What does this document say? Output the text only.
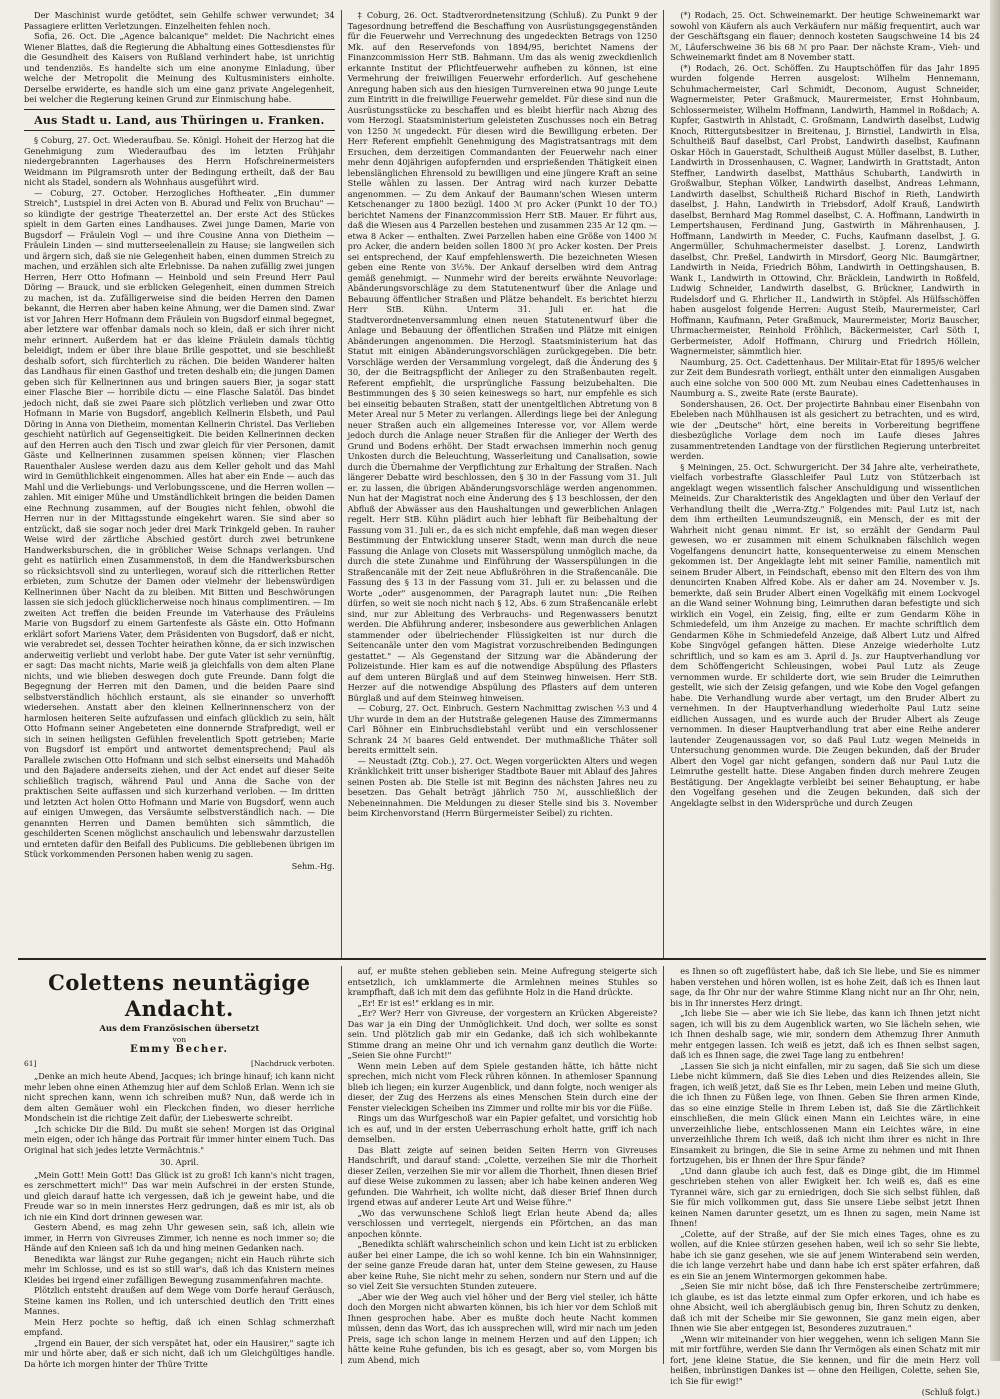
Der Maschinist wurde getödtet, sein Gehilfe schwer verwundet; 34 Passagiere erlitten Verletzungen. Einzelheiten fehlen noch.

Sofia, 26. Oct. Die „Agence balcanique" meldet: Die Nachricht eines Wiener Blattes, daß die Regierung die Abhaltung eines Gottesdienstes für die Gesundheit des Kaisers von Rußland verhindert habe, ist unrichtig und tendenziös. Es handelte sich um eine anonyme Einladung, über welche der Metropolit die Meinung des Kultusministers einholte. Derselbe erwiderte, es handle sich um eine ganz private Angelegenheit, bei welcher die Regierung keinen Grund zur Einmischung habe.

Aus Stadt u. Land, aus Thüringen u. Franken.

§ Coburg, 27. Oct. Wiederaufbau. Se. Königl. Hoheit der Herzog hat die Genehmigung zum Wiederaufbau des im letzten Frühjahr niedergebrannten Lagerhauses des Herrn Hofschreinermeisters Weidmann im Pilgramsroth unter der Bedingung ertheilt, daß der Bau nicht als Stadel, sondern als Wohnhaus ausgeführt wird.

— Coburg, 27. October. Herzogliches Hoftheater. „Ein dummer Streich", Lustspiel in drei Acten von B. Aburad und Felix von Bruchau" — so kündigte der gestrige Theaterzettel an. Der erste Act des Stückes spielt in dem Garten eines Landhauses. Zwei junge Damen, Marie von Bugsdorf — Fräulein Vogl — und ihre Cousine Anna von Dietheim — Fräulein Linden — sind mutterseelenallein zu Hause; sie langweilen sich und ärgern sich, daß sie nie Gelegenheit haben, einen dummen Streich zu machen, und erzählen sich alte Erlebnisse. Da nahen zufällig zwei jungen Herren, Herr Otto Hofmann — Heinbold und sein Freund Herr Paul Döring — Brauck, und sie erblicken Gelegenheit, einen dummen Streich zu machen, ist da. Zufälligerweise sind die beiden Herren den Damen bekannt, die Herren aber haben keine Ahnung, wer die Damen sind. Zwar ist vor Jahren Herr Hofmann dem Fräulein von Bugsdorf einmal begegnet, aber letztere war offenbar damals noch so klein, daß er sich ihrer nicht mehr erinnert. Außerdem hat er das kleine Fräulein damals tüchtig beleidigt, indem er über ihre blaue Brille gespottet, und sie beschließt deshalb sofort, sich fürchterlich zu rächen. Die beiden Wanderer halten das Landhaus für einen Gasthof und treten deshalb ein; die jungen Damen geben sich für Kellnerinnen aus und bringen sauers Bier, ja sogar statt einer Flasche Bier — horribile dictu — eine Flasche Salatöl. Das bindet jedoch nicht, daß sie zwei Paare sich plötzlich verlieben und zwar Otto Hofmann in Marie von Bugsdorf, angeblich Kellnerin Elsbeth, und Paul Döring in Anna von Dietheim, momentan Kellnerin Christel. Das Verlieben geschieht natürlich auf Gegenseitigkeit. Die beiden Kellnerinnen decken auf den Herren auch den Tisch und zwar gleich für vier Personen, damit Gäste und Kellnerinnen zusammen speisen können; vier Flaschen Rauenthaler Auslese werden dazu aus dem Keller geholt und das Mahl wird in Gemüthlichkeit eingenommen. Alles hat aber ein Ende — auch das Mahl und die Verliebungs- und Verlobungsscene, und die Herren wollen — zahlen. Mit einiger Mühe und Umständlichkeit bringen die beiden Damen eine Rechnung zusammen, auf der Bougies nicht fehlen, obwohl die Herren nur in der Mittagsstunde eingekehrt waren. Sie sind aber so entzückt, daß sie sogar noch jeder drei Mark Trinkgeld geben. In rauher Weise wird der zärtliche Abschied gestört durch zwei betrunkene Handwerksburschen, die in gröblicher Weise Schnaps verlangen. Und geht es natürlich einen Zusammenstoß, in dem die Handwerksburschen so rücksichtsvoll sind zu unterliegen, worauf sich die ritterlichen Retter erbieten, zum Schutze der Damen oder vielmehr der liebenswürdigen Kellnerinnen über Nacht da zu bleiben. Mit Bitten und Beschwörungen lassen sie sich jedoch glücklicherweise noch hinaus complimentiren. — Im zweiten Act treffen die beiden Freunde im Vaterhause des Fräuleins Marie von Bugsdorf zu einem Gartenfeste als Gäste ein. Otto Hofmann erklärt sofort Mariens Vater, dem Präsidenten von Bugsdorf, daß er nicht, wie verabredet sei, dessen Tochter heirathen könne, da er sich inzwischen anderweitig verliebt und verlobt habe. Der gute Vater ist sehr vernünftig, er sagt: Das macht nichts, Marie weiß ja gleichfalls von dem alten Plane nichts, und wie blieben deswegen doch gute Freunde. Dann folgt die Begegnung der Herren mit den Damen, und die beiden Paare sind selbstverständlich höchlich erstaunt, als sie einander so unverhofft wiedersehen. Anstatt aber den kleinen Kellnerinnenscherz von der harmlosen heiteren Seite aufzufassen und einfach glücklich zu sein, hält Otto Hofmann seiner Angebeteten eine donnernde Strafpredigt, weil er sich in seinen heiligsten Gefühlen frevelentlich Spott getrieben; Marie von Bugsdorf ist empört und antwortet dementsprechend; Paul als Parallele zwischen Otto Hofmann und sich selbst einerseits und Mahadöh und den Bajadere anderseits ziehen, und der Act endet auf dieser Seite schließlich tragisch, während Paul und Anna die Sache von der praktischen Seite auffassen und sich kurzerhand verloben. — Im dritten und letzten Act holen Otto Hofmann und Marie von Bugsdorf, wenn auch auf einigen Umwegen, das Versäumte selbstverständlich nach. — Die genannten Herren und Damen bemühten sich sämmtlich, die geschilderten Scenen möglichst anschaulich und lebenswahr darzustellen und ernteten dafür den Beifall des Publicums. Die gebliebenen übrigen im Stück vorkommenden Personen haben wenig zu sagen.

Sehm.-Hg.

‡ Coburg, 26. Oct. Stadtverordnetensitzung (Schluß). Zu Punkt 9 der Tagesordnung betreffend die Beschaffung von Ausrüstungsgegenständen für die Feuerwehr und Verrechnung des ungedeckten Betrags von 1250 Mk. auf den Reservefonds von 1894/95, berichtet Namens der Finanzcommission Herr StB. Bahmann. Um das als wenig zweckdienlich erkannte Institut der Pflichtfeuerwehr aufheben zu können, ist eine Vermehrung der freiwilligen Feuerwehr erforderlich. Auf geschehene Anregung haben sich aus den hiesigen Turnvereinen etwa 90 junge Leute zum Eintritt in die freiwillige Feuerwehr gemeldet. Für diese sind nun die Ausrüstungsstücke zu beschaffen und es bleibt hierfür nach Abzug des vom Herzogl. Staatsministerium geleisteten Zuschusses noch ein Betrag von 1250 ℳ ungedeckt. Für diesen wird die Bewilligung erbeten. Der Herr Referent empfiehlt Genehmigung des Magistratsantrags mit dem Ersuchen, dem derzeitigen Commandanten der Feuerwehr nach einer mehr denn 40jährigen aufopfernden und ersprießenden Thätigkeit einen lebenslänglichen Ehrensold zu bewilligen und eine jüngere Kraft an seine Stelle wählen zu lassen. Der Antrag wird nach kurzer Debatte angenommen. — Zu dem Ankauf der Baumann'schen Wiesen unterm Ketschenanger zu 1800 bezügl. 1400 ℳ pro Acker (Punkt 10 der TO.) berichtet Namens der Finanzcommission Herr StB. Mauer. Er führt aus, daß die Wiesen aus 4 Parzellen bestehen und zusammen 235 Ar 12 qm. — etwa 8 Acker — enthalten. Zwei Parzellen haben eine Größe von 1400 ℳ pro Acker, die andern beiden sollen 1800 ℳ pro Acker kosten. Der Preis sei entsprechend, der Kauf empfehlenswerth. Die bezeichneten Wiesen geben eine Rente von 3⅓%. Der Ankauf derselben wird dem Antrag gemäß genehmigt. — Nunmehr wird der bereits erwähnte Neuvorlage: Abänderungsvorschläge zu dem Statutenentwurf über die Anlage und Bebauung öffentlicher Straßen und Plätze behandelt. Es berichtet hierzu Herr StB. Kühn. Unterm 31. Juli er. hat die Stadtverordnetenversammlung einen neuen Statutenentwurf über die Anlage und Bebauung der öffentlichen Straßen und Plätze mit einigen Abänderungen angenommen. Die Herzogl. Staatsministerium hat das Statut mit einigen Abänderungsvorschlägen zurückgegeben. Die betr. Vorschläge werden der Versammlung vorgelegt, daß die Änderung des § 30, der die Beitragspflicht der Anlieger zu den Straßenbauten regelt. Referent empfiehlt, die ursprüngliche Fassung beizubehalten. Die Bestimmungen des § 30 seien keineswegs so hart, nur empfehle es sich bei einseitig bebauten Straßen, statt der unentgeltlichen Abtretung von 8 Meter Areal nur 5 Meter zu verlangen. Allerdings liege bei der Anlegung neuer Straßen auch ein allgemeines Interesse vor, vor Allem werde jedoch durch die Anlage neuer Straßen für die Anlieger der Werth des Grund und Bodens erhöht. Der Stadt erwachsen immerhin noch genug Unkosten durch die Beleuchtung, Wasserleitung und Canalisation, sowie durch die Übernahme der Verpflichtung zur Erhaltung der Straßen. Nach längerer Debatte wird beschlossen, den § 30 in der Fassung vom 31. Juli er. zu lassen, die übrigen Abänderungsvorschläge werden angenommen. Nun hat der Magistrat noch eine Änderung des § 13 beschlossen, der den Abfluß der Abwässer aus den Haushaltungen und gewerblichen Anlagen regelt. Herr StB. Kühn plädirt auch hier lebhaft für Beibehaltung der Fassung vom 31. Juli er., da es sich nicht empfehle, daß man wegen dieser Bestimmung der Entwicklung unserer Stadt, wenn man durch die neue Fassung die Anlage von Closets mit Wasserspülung unmöglich mache, da durch die stete Zunahme und Einführung der Wasserspülungen in die Straßencanäle mit der Zeit neue Abflußröhren in die Straßencanäle. Die Fassung des § 13 in der Fassung vom 31. Juli er. zu belassen und die Worte „oder" ausgenommen, der Paragraph lautet nun: „Die Reihen dürfen, so weit sie noch nicht nach § 12, Abs. 6 zum Straßencanäle erlebt sind, nur zur Ableitung des Verbrauchs- und Regenwassers benutzt werden. Die Abführung anderer, insbesondere aus gewerblichen Anlagen stammender oder übelriechender Flüssigkeiten ist nur durch die Seitencanäle unter den vom Magistrat vorzuschreibenden Bedingungen gestattet." — Als Gegenstand der Sitzung war die Abänderung der Polizeistunde. Hier kam es auf die notwendige Abspülung des Pflasters auf dem unteren Bürglaß und auf dem Steinweg hinweisen. Herr StB. Herzer auf die notwendige Abspülung des Pflasters auf dem unteren Bürglaß und auf dem Steinweg hinweisen.

— Coburg, 27. Oct. Einbruch. Gestern Nachmittag zwischen ½3 und 4 Uhr wurde in dem an der Hutstraße gelegenen Hause des Zimmermanns Carl Böhner ein Einbruchsdiebstahl verübt und ein verschlossener Schrank 24 ℳ baares Geld entwendet. Der muthmaßliche Thäter soll bereits ermittelt sein.

— Neustadt (Ztg. Cob.), 27. Oct. Wegen vorgerückten Alters und wegen Kränklichkeit tritt unser bisheriger Stadtbote Bauer mit Ablauf des Jahres seinen Posten ab. Die Stelle ist mit Beginn des nächsten Jahres neu zu besetzen. Das Gehalt beträgt jährlich 750 ℳ, ausschließlich der Nebeneinnahmen. Die Meldungen zu dieser Stelle sind bis 3. November beim Kirchenvorstand (Herrn Bürgermeister Seibel) zu richten.

(*) Rodach, 25. Oct. Schweinemarkt. Der heutige Schweinemarkt war sowohl von Käufern als auch Verkäufern nur mäßig frequentirt, auch war der Geschäftsgang ein flauer; dennoch kosteten Saugschweine 14 bis 24 ℳ, Läuferschweine 36 bis 68 ℳ pro Paar. Der nächste Kram-, Vieh- und Schweinemarkt findet am 8 November statt.

(*) Rodach, 26. Oct. Schöffen. Zu Hauptschöffen für das Jahr 1895 wurden folgende Herren ausgelost: Wilhelm Hennemann, Schuhmachermeister, Carl Schmidt, Deconom, August Schneider, Wagnermeister, Peter Graßmuck, Maurermeister, Ernst Hohnbaum, Schlossermeister, Wilhelm Hoffmann, Landwirth, Hammel in Roßdach; A. Kupfer, Gastwirth in Ahlstadt, C. Großmann, Landwirth daselbst, Ludwig Knoch, Rittergutsbesitzer in Breitenau, J. Birnstiel, Landwirth in Elsa, Schultheiß Bauf daselbst, Carl Probst, Landwirth daselbst, Kaufmann Oskar Höch in Gauerstadt, Schultheiß August Müller daselbst, B. Luther, Landwirth in Drossenhausen, C. Wagner, Landwirth in Grattstadt, Anton Steffner, Landwirth daselbst, Matthäus Schubarth, Landwirth in Großwalbur, Stephan Völker, Landwirth daselbst, Andreas Lehmann, Landwirth daselbst, Schultheiß Richard Bischof in Rieth, Landwirth daselbst, J. Hahn, Landwirth in Triebsdorf, Adolf Krauß, Landwirth daselbst, Bernhard Mag Rommel daselbst, C. A. Hoffmann, Landwirth in Lempertshausen, Ferdinand Jung, Gastwirth in Mährenhausen, J. Hoffmann, Landwirth in Meeder, C. Fuchs, Kaufmann daselbst, J. G. Angermüller, Schuhmachermeister daselbst. J. Lorenz, Landwirth daselbst, Chr. Preßel, Landwirth in Mirsdorf, Georg Nic. Baumgärtner, Landwirth in Neida, Friedrich Böhm, Landwirth in Oettingshausen, B. Wank I., Landwirth in Ottowind, Chr. Bräcklein, Landwirth in Roßfeld, Ludwig Schneider, Landwirth daselbst, G. Brückner, Landwirth in Rudelsdorf und G. Ehrlicher II., Landwirth in Stöpfel. Als Hülfsschöffen haben ausgelost folgende Herren: August Steib, Maurermeister, Carl Hoffmann, Kaufmann, Peter Graßmuck, Maurermeister, Moriz Bauscher, Uhrmachermeister, Reinhold Fröhlich, Bäckermeister, Carl Söth I, Gerbermeister, Adolf Hoffmann, Chirurg und Friedrich Höllein, Wagnermeister, sämmtlich hier.

Naumburg, 25. Oct. Cadettenhaus. Der Militair-Etat für 1895/6 welcher zur Zeit dem Bundesrath vorliegt, enthält unter den einmaligen Ausgaben auch eine solche von 500 000 Mt. zum Neubau eines Cadettenhauses in Naumburg a. S., zweite Rate (erste Baurate).

Sondershausen, 26. Oct. Der projectirte Bahnbau einer Eisenbahn von Ebeleben nach Mühlhausen ist als gesichert zu betrachten, und es wird, wie der „Deutsche" hört, eine bereits in Vorbereitung begriffene diesbezügliche Vorlage dem noch im Laufe dieses Jahres zusammentretenden Landtage von der fürstlichen Regierung unterbreitet werden.

§ Meiningen, 25. Oct. Schwurgericht. Der 34 Jahre alte, verheirathete, vielfach vorbestrafte Glasschleifer Paul Lutz von Stützerbach ist angeklagt wegen wissentlich falscher Anschuldigung und wissentlichen Meineids. Zur Charakteristik des Angeklagten und über den Verlauf der Verhandlung theilt die „Werra-Ztg." Folgendes mit: Paul Lutz ist, nach dem ihm ertheilten Leumundszeugniß, ein Mensch, der es mit der Wahrheit nicht genau nimmt. Er ist, so erzählt der Gendarm Paul gewesen, wo er zusammen mit einem Schulknaben fälschlich wegen Vogelfangens denuncirt hatte, konsequenterweise zu einem Menschen gekommen ist. Der Angeklagte lebt mit seiner Familie, namentlich mit seinem Bruder Albert, in Feindschaft, ebenso mit den Eltern des von ihm denuncirten Knaben Alfred Kobe. Als er daher am 24. November v. Js. bemerkte, daß sein Bruder Albert einen Vogelkäfig mit einem Lockvogel an die Wand seiner Wohnung bing, Leimruthen daran befestigte und sich wirklich ein Vogel, ein Zeisig, fing, eilte er zum Gendarm Köhe in Schmiedefeld, um ihm Anzeige zu machen. Er machte schriftlich dem Gendarmen Köhe in Schmiedefeld Anzeige, daß Albert Lutz und Alfred Kobe Singvögel gefangen hätten. Diese Anzeige wiederholte Lutz schriftlich, und so kam es am 3. April d. Js. zur Hauptverhandlung vor dem Schöffengericht Schleusingen, wobei Paul Lutz als Zeuge vernommen wurde. Er schilderte dort, wie sein Bruder die Leimruthen gestellt, wie sich der Zeisig gefangen, und wie Kobe den Vogel gefangen habe. Die Verhandlung wurde aber vertagt, um den Bruder Albert zu vernehmen. In der Hauptverhandlung wiederholte Paul Lutz seine eidlichen Aussagen, und es wurde auch der Bruder Albert als Zeuge vernommen. In dieser Hauptverhandlung trat aber eine Reihe anderer lautender Zeugenaussagen vor, so daß Paul Lutz wegen Meineids in Untersuchung genommen wurde. Die Zeugen bekunden, daß der Bruder Albert den Vogel gar nicht gefangen, sondern daß nur Paul Lutz die Leimruthe gestellt hatte. Diese Angaben finden durch mehrere Zeugen Bestätigung. Der Angeklagte verbleibt bei seiner Behauptung, er habe den Vogelfang gesehen und die Zeugen bekunden, daß sich der Angeklagte selbst in den Widersprüche und durch Zeugen

Colettens neuntägige Andacht.
Aus dem Französischen übersetzt
von
Emmy Becher.
61]	[Nachdruck verboten.

„Denke an mich heute Abend, Jacques; ich bringe hinauf; ich kann nicht mehr leben ohne einen Athemzug hier auf dem Schloß Erlan. Wenn ich sie nicht sprechen kann, wenn ich schreiben muß? Nun, daß werde ich in dem alten Gemäuer wohl ein Fleckchen finden, wo dieser herrliche Mondschein ist die richtige Zeit dafür, der Liebeswerte schreibt.

„Ich schicke Dir die Bild. Du mußt sie sehen! Morgen ist das Original mein eigen, oder ich hänge das Portrait für immer hinter einem Tuch. Das Original hat sich jedes letzte Vermächtnis."

30. April.

„Mein Gott! Mein Gott! Das Glück ist zu groß! Ich kann's nicht tragen, es zerschmettert mich!" Das war mein Aufschrei in der ersten Stunde, und gleich darauf hatte ich vergessen, daß ich je geweint habe, und die Freude war so in mein innerstes Herz gedrungen, daß es mir ist, als ob ich nie ein Kind dort drinnen gewesen war.

Gestern Abend, es mag zehn Uhr gewesen sein, saß ich, allein wie immer, in Herrn von Givreuses Zimmer, ich nenne es noch immer so; die Hände auf den Knieen saß ich da und hing meinen Gedanken nach.

Benedikta war längst zur Ruhe gegangen; nicht ein Hauch rührte sich mehr im Schlosse, und es ist so still war's, daß ich das Knistern meines Kleides bei irgend einer zufälligen Bewegung zusammenfahren machte.

Plötzlich entsteht draußen auf dem Wege vom Dorfe herauf Geräusch, Steine kamen ins Rollen, und ich unterschied deutlich den Tritt eines Mannes.

Mein Herz pochte so heftig, daß ich einen Schlag schmerzhaft empfand.

„Irgend ein Bauer, der sich verspätet hat, oder ein Hausirer," sagte ich mir und hörte aber, daß er sich nicht, daß ich um Gleichgültiges handle. Da hörte ich morgen hinter der Thüre Tritte

auf, er mußte stehen geblieben sein. Meine Aufregung steigerte sich entsetzlich, ich umklammerte die Armlehnen meines Stuhles so krampfhaft, daß ich mit dem das gefühnte Holz in die Hand drückte.

„Er! Er ist es!" erklang es in mir.

„Er? Wer? Herr von Givreuse, der vorgestern an Krücken Abgereiste? Das war ja ein Ding der Unmöglichkeit. Und doch, wer sollte es sonst sein. Und plötzlich gab mir ein Gedanke, daß ich sich wohlbekannte Stimme drang an meine Ohr und ich vernahm ganz deutlich die Worte: „Seien Sie ohne Furcht!"

Wenn mein Leben auf dem Spiele gestanden hätte, ich hätte nicht sprechen, mich nicht vom Fleck rühren können. In athemloser Spannung blieb ich liegen; ein kurzer Augenblick, und dann folgte, noch weniger als dieser, der Zug des Herzens als eines Menschen Stein durch eine der Fenster vieleckigen Scheiben ins Zimmer und rollte mir bis vor die Füße.

Rings um das Wurfgeschoß war ein Papier gefaltet, und vorsichtig hob ich es auf, und in der ersten Ueberraschung erholt hatte, griff ich nach demselben.

Das Blatt zeigte auf seinen beiden Seiten Herrn von Givreuses Handschrift, und darauf stand: „Colette, verzeihen Sie mir die Thorheit dieser Zeilen, verzeihen Sie mir vor allem die Thorheit, Ihnen diesen Brief auf diese Weise zukommen zu lassen; aber ich habe keinen anderen Weg gefunden. Die Wahrheit, ich wollte nicht, daß dieser Brief Ihnen durch irgend etwas auf anderer Leute Art und Weise führe."

„Wo das verwunschene Schloß liegt Erlan heute Abend da; alles verschlossen und verriegelt, niergends ein Pförtchen, an das man anpochen könnte.

„Benedikta schläft wahrscheinlich schon und kein Licht ist zu erblicken außer bei einer Lampe, die ich so wohl kenne. Ich bin ein Wahnsinniger, der seine ganze Freude daran hat, unter dem Steine gewesen, zu Hause aber keine Ruhe, Sie nicht mehr zu sehen, sondern nur Stern und auf die so viel Zeit Sie versuchten Stunden zuteuere.

„Aber wie der Weg auch viel höher und der Berg viel steiler, ich hätte doch den Morgen nicht abwarten können, bis ich hier vor dem Schloß mit Ihnen gesprochen habe. Aber es mußte doch heute Nacht kommen müssen, denn das Wort, das ich aussprechen will, wird mir nach um jeden Preis, sage ich schon lange in meinem Herzen und auf den Lippen; ich hätte keine Ruhe gefunden, bis ich es gesagt, aber so, vom Morgen bis zum Abend, mich

es Ihnen so oft zugeflüstert habe, daß ich Sie liebe, und Sie es nimmer haben verstehen und hören wollen, ist es hohe Zeit, daß ich es Ihnen laut sage, da Ihr Ohr nur der wahre Stimme Klang nicht nur an Ihr Ohr, nein, bis in Ihr innerstes Herz dringt.

„Ich liebe Sie — aber wie ich Sie liebe, das kann ich Ihnen jetzt nicht sagen, ich will bis zu dem Augenblick warten, wo Sie lächeln sehen, wie ich Ihnen deshalb sage, wie mir, sondern dem Athemzug Ihrer Anmuth mehr entgegen lassen. Ich weiß es jetzt, daß ich es Ihnen selbst sagen, daß ich es Ihnen sage, die zwei Tage lang zu entbehren!

„Lassen Sie sich ja nicht einfallen, mir zu sagen, daß Sie sich um diese Liebe nicht kümmern, daß Sie dies Leben und dies Reizendes allein, Sie fragen, ich weiß jetzt, daß Sie es Ihr Leben, mein Leben und meine Gluth, die ich Ihnen zu Füßen lege, von Ihnen. Geben Sie Ihren armen Kinde, das so eine einzige Stelle in Ihrem Leben ist, daß Sie die Zärtlichkeit einschließen, die mein Glück einen Mann ein Leichtes wäre, in eine unverzeihliche liebe, entschlossenen Mann ein Leichtes wäre, in eine unverzeihliche Ihrem Ich weiß, daß ich nicht ihm ihrer es nicht in Ihre Einsamkeit zu bringen, die Sie in seine Arme zu nehmen und mit Ihnen fortzugehen, bis er Ihnen der Ihre Spur fände?

„Und dann glaube ich auch fest, daß es Dinge gibt, die im Himmel geschrieben stehen von aller Ewigkeit her. Ich weiß es, daß es eine Tyrannei wäre, sich gar zu erniedrigen, doch Sie sich selbst fühlen, daß Sie für mich vollkommen gut, dass Sie unsere Liebe selbst jetzt Ihnen keinen Namen darunter gesetzt, um es Ihnen zu sagen, mein Name ist Ihnen!

„Colette, auf der Straße, auf der Sie mich eines Tages, ohne es zu wollen, auf die Kniee stürzen gesehen haben, weil ich so sehr Sie liebte, habe ich sie ganz gesehen, wie sie auf jenem Winterabend sein werden, die ich lange verzehrt habe und dann habe ich erst später erfahren, daß es ein Sie an jenem Wintermorgen gekommen habe.

„Seien Sie mir nicht böse, daß ich Ihre Fensterscheibe zertrümmere; ich glaube, es ist das letzte einmal zum Opfer erkoren, und ich habe es ohne Absicht, weil ich abergläubisch genug bin, Ihren Schutz zu denken, daß ich mit der Scheibe mir Sie gewonnen, Sie ganz mein eigen, aber Ihnen wie Sie aber entgegen ist, Besonderes zuzutrauen."

„Wenn wir miteinander von hier weggehen, wenn ich seligen Mann Sie mit mir fortführe, werden Sie dann Ihr Vermögen als einen Schatz mit mir fort, jene kleine Statue, die Sie kennen, und für die mein Herz voll heißen, inbrünstigen Dankes ist — ohne den Heiligen, Colette, sehen Sie, ich Sie für ewig!"

(Schluß folgt.)
